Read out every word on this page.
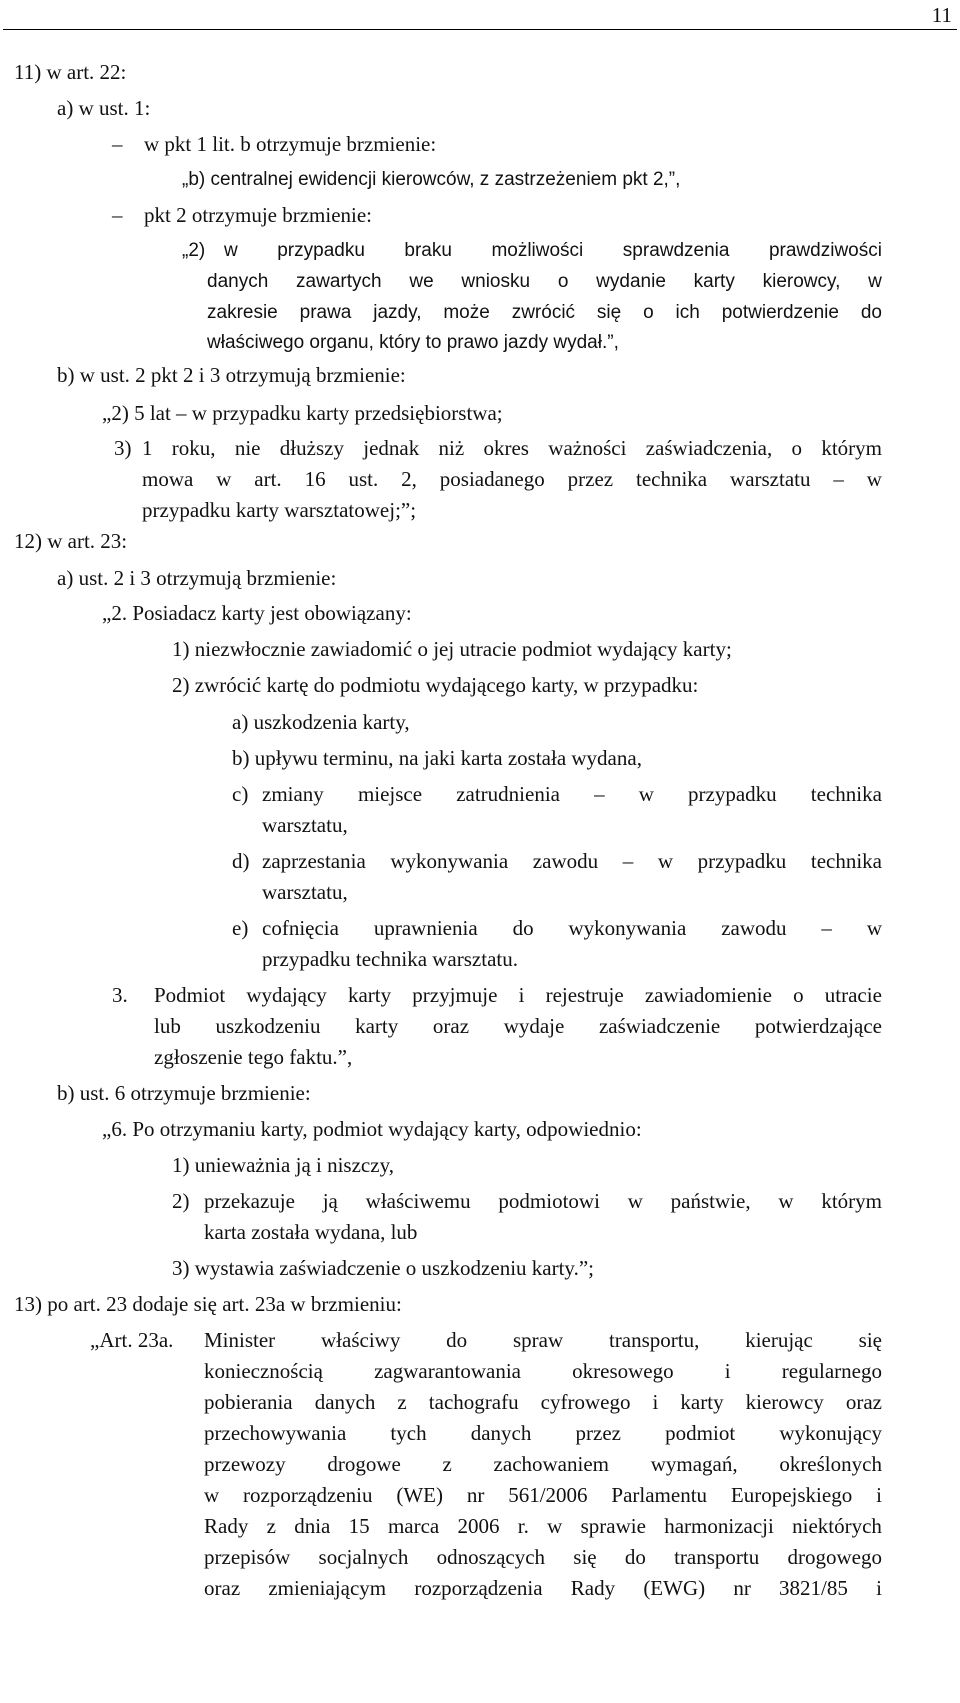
11
11) w art. 22:
a) w ust. 1:
– w pkt 1 lit. b otrzymuje brzmienie:
„b) centralnej ewidencji kierowców, z zastrzeżeniem pkt 2,”,
– pkt 2 otrzymuje brzmienie:
„2) w przypadku braku możliwości sprawdzenia prawdziwości
danych zawartych we wniosku o wydanie karty kierowcy, w
zakresie prawa jazdy, może zwrócić się o ich potwierdzenie do
właściwego organu, który to prawo jazdy wydał.”,
b) w ust. 2 pkt 2 i 3 otrzymują brzmienie:
„2) 5 lat – w przypadku karty przedsiębiorstwa;
3) 1 roku, nie dłuższy jednak niż okres ważności zaświadczenia, o którym
mowa w art. 16 ust. 2, posiadanego przez technika warsztatu – w
przypadku karty warsztatowej;”;
12) w art. 23:
a) ust. 2 i 3 otrzymują brzmienie:
„2. Posiadacz karty jest obowiązany:
1) niezwłocznie zawiadomić o jej utracie podmiot wydający karty;
2) zwrócić kartę do podmiotu wydającego karty, w przypadku:
a) uszkodzenia karty,
b) upływu terminu, na jaki karta została wydana,
c) zmiany miejsce zatrudnienia – w przypadku technika
warsztatu,
d) zaprzestania wykonywania zawodu – w przypadku technika
warsztatu,
e) cofnięcia uprawnienia do wykonywania zawodu – w
przypadku technika warsztatu.
3. Podmiot wydający karty przyjmuje i rejestruje zawiadomienie o utracie
lub uszkodzeniu karty oraz wydaje zaświadczenie potwierdzające
zgłoszenie tego faktu.”,
b) ust. 6 otrzymuje brzmienie:
„6. Po otrzymaniu karty, podmiot wydający karty, odpowiednio:
1) unieważnia ją i niszczy,
2) przekazuje ją właściwemu podmiotowi w państwie, w którym
karta została wydana, lub
3) wystawia zaświadczenie o uszkodzeniu karty.”;
13) po art. 23 dodaje się art. 23a w brzmieniu:
„Art. 23a. Minister właściwy do spraw transportu, kierując się
koniecznością zagwarantowania okresowego i regularnego
pobierania danych z tachografu cyfrowego i karty kierowcy oraz
przechowywania tych danych przez podmiot wykonujący
przewozy drogowe z zachowaniem wymagań, określonych
w rozporządzeniu (WE) nr 561/2006 Parlamentu Europejskiego i
Rady z dnia 15 marca 2006 r. w sprawie harmonizacji niektórych
przepisów socjalnych odnoszących się do transportu drogowego
oraz zmieniającym rozporządzenia Rady (EWG) nr 3821/85 i
